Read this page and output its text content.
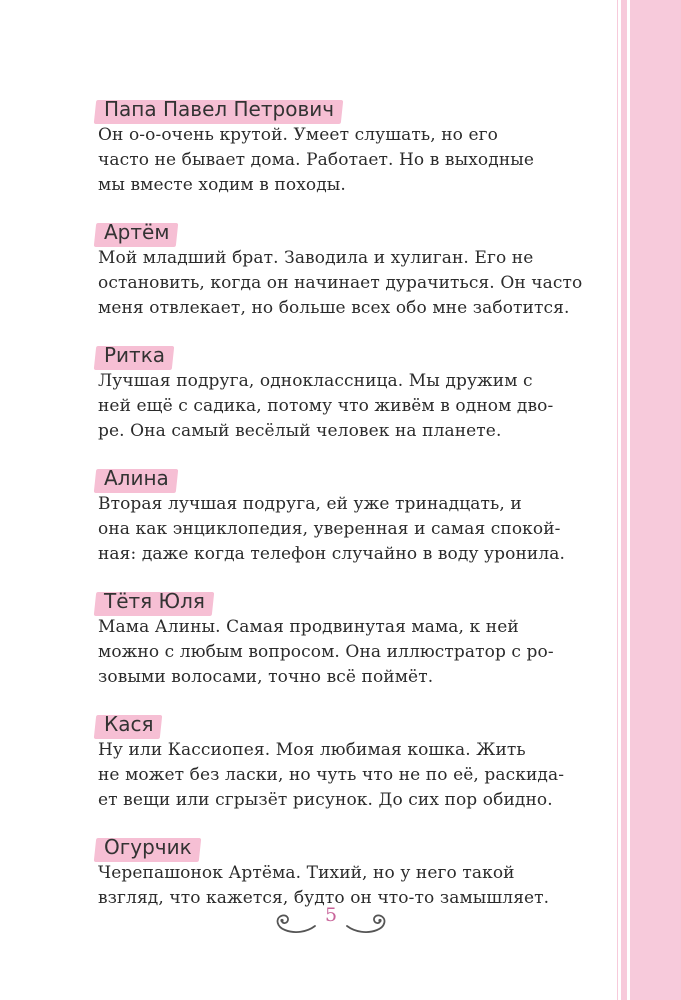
Папа Павел Петрович

Он о-о-очень крутой. Умеет слушать, но его
часто не бывает дома. Работает. Но в выходные
мы вместе ходим в походы.

Артём

Мой младший брат. Заводила и хулиган. Его не
остановить, когда он начинает дурачиться. Он часто
меня отвлекает, но больше всех обо мне заботится.

Ритка

Лучшая подруга, одноклассница. Мы дружим с
ней ещё с садика, потому что живём в одном дво-
ре. Она самый весёлый человек на планете.

Алина

Вторая лучшая подруга, ей уже тринадцать, и
она как энциклопедия, уверенная и самая спокой-
ная: даже когда телефон случайно в воду уронила.

Тётя Юля

Мама Алины. Самая продвинутая мама, к ней
можно с любым вопросом. Она иллюстратор с ро-
зовыми волосами, точно всё поймёт.

Кася

Ну или Кассиопея. Моя любимая кошка. Жить
не может без ласки, но чуть что не по её, раскида-
ет вещи или сгрызёт рисунок. До сих пор обидно.

Огурчик

Черепашонок Артёма. Тихий, но у него такой
взгляд, что кажется, будто он что-то замышляет.

5
